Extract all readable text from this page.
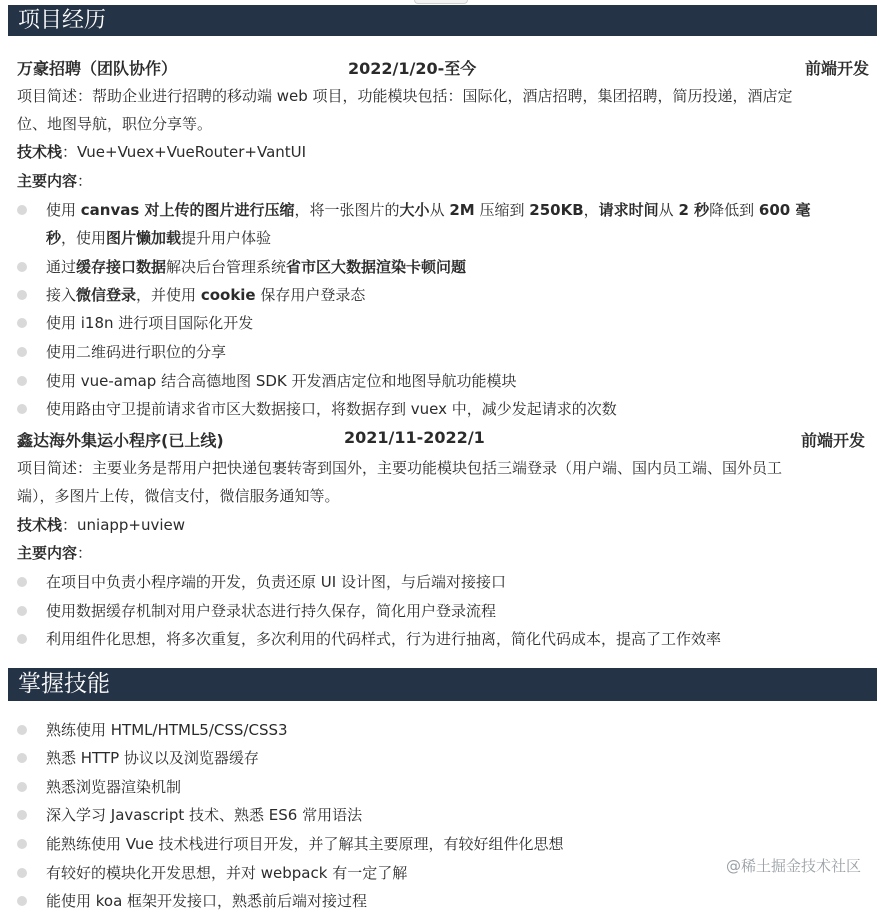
项目经历
万豪招聘（团队协作）	2022/1/20-至今	前端开发
项目简述：帮助企业进行招聘的移动端 web 项目，功能模块包括：国际化，酒店招聘，集团招聘，简历投递，酒店定
位、地图导航，职位分享等。
技术栈：Vue+Vuex+VueRouter+VantUI
主要内容：
使用 canvas 对上传的图片进行压缩，将一张图片的大小从 2M 压缩到 250KB，请求时间从 2 秒降低到 600 毫
秒，使用图片懒加载提升用户体验
通过缓存接口数据解决后台管理系统省市区大数据渲染卡顿问题
接入微信登录，并使用 cookie 保存用户登录态
使用 i18n 进行项目国际化开发
使用二维码进行职位的分享
使用 vue-amap 结合高德地图 SDK 开发酒店定位和地图导航功能模块
使用路由守卫提前请求省市区大数据接口，将数据存到 vuex 中，减少发起请求的次数
鑫达海外集运小程序(已上线)	2021/11-2022/1	前端开发
项目简述：主要业务是帮用户把快递包裹转寄到国外，主要功能模块包括三端登录（用户端、国内员工端、国外员工
端），多图片上传，微信支付，微信服务通知等。
技术栈：uniapp+uview
主要内容：
在项目中负责小程序端的开发，负责还原 UI 设计图，与后端对接接口
使用数据缓存机制对用户登录状态进行持久保存，简化用户登录流程
利用组件化思想，将多次重复，多次利用的代码样式，行为进行抽离，简化代码成本，提高了工作效率
掌握技能
熟练使用 HTML/HTML5/CSS/CSS3
熟悉 HTTP 协议以及浏览器缓存
熟悉浏览器渲染机制
深入学习 Javascript 技术、熟悉 ES6 常用语法
能熟练使用 Vue 技术栈进行项目开发，并了解其主要原理，有较好组件化思想
有较好的模块化开发思想，并对 webpack 有一定了解
能使用 koa 框架开发接口，熟悉前后端对接过程
@稀土掘金技术社区
